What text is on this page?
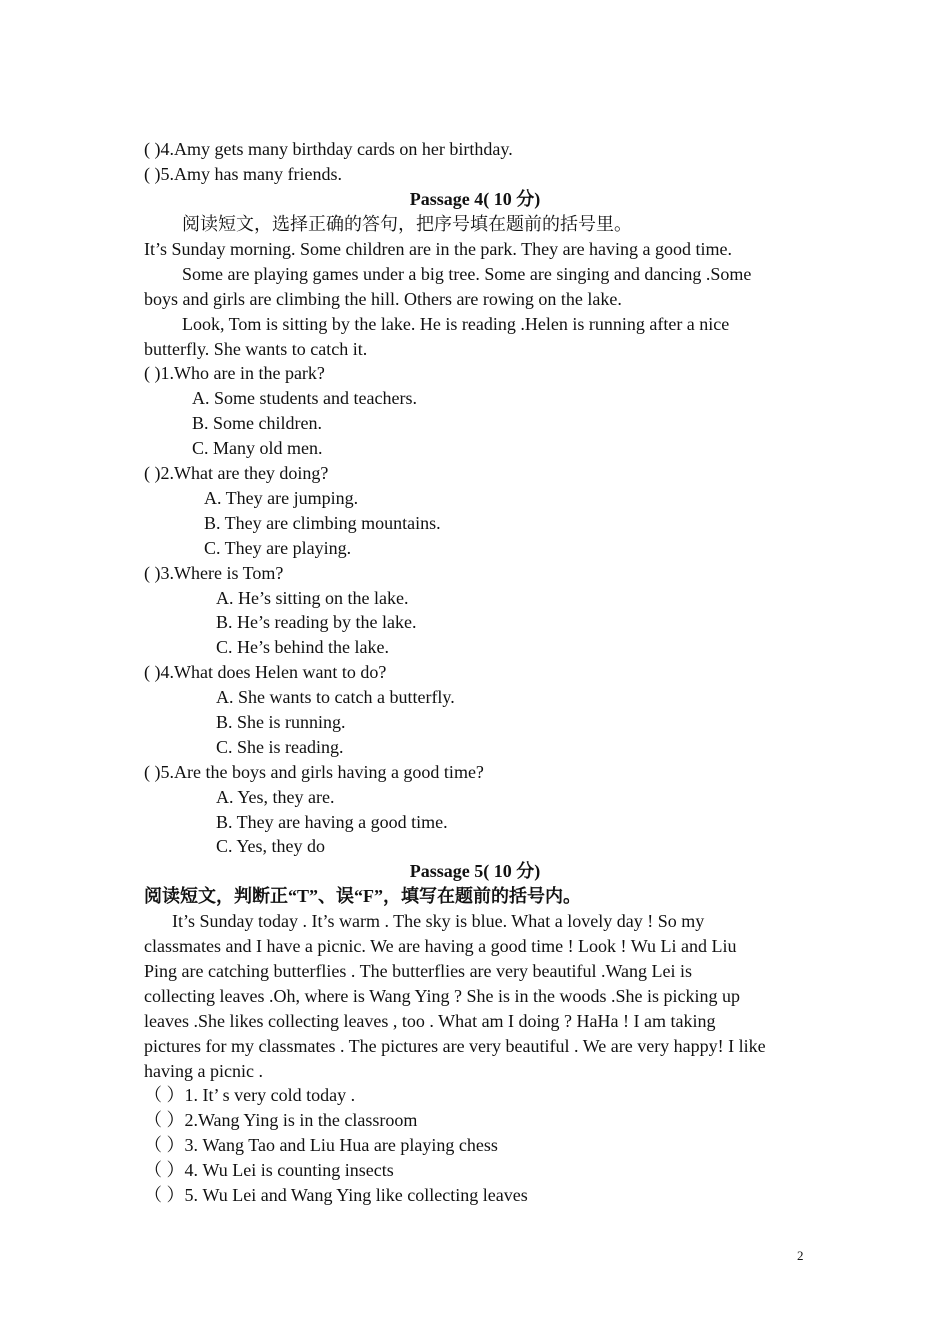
( )4.Amy gets many birthday cards on her birthday.
( )5.Amy has many friends.
Passage 4( 10 分)
阅读短文，选择正确的答句，把序号填在题前的括号里。
It’s Sunday morning. Some children are in the park. They are having a good time.
Some are playing games under a big tree. Some are singing and dancing .Some
boys and girls are climbing the hill. Others are rowing on the lake.
Look, Tom is sitting by the lake. He is reading .Helen is running after a nice
butterfly. She wants to catch it.
( )1.Who are in the park?
A. Some students and teachers.
B. Some children.
C. Many old men.
( )2.What are they doing?
A. They are jumping.
B. They are climbing mountains.
C. They are playing.
( )3.Where is Tom?
A. He’s sitting on the lake.
B. He’s reading by the lake.
C. He’s behind the lake.
( )4.What does Helen want to do?
A. She wants to catch a butterfly.
B. She is running.
C. She is reading.
( )5.Are the boys and girls having a good time?
A. Yes, they are.
B. They are having a good time.
C. Yes, they do
Passage 5( 10 分)
阅读短文，判断正“T”、误“F”，填写在题前的括号内。
It’s Sunday today . It’s warm . The sky is blue. What a lovely day ! So my
classmates and I have a picnic. We are having a good time ! Look ! Wu Li and Liu
Ping are catching butterflies . The butterflies are very beautiful .Wang Lei is
collecting leaves .Oh, where is Wang Ying ? She is in the woods .She is picking up
leaves .She likes collecting leaves , too . What am I doing ? HaHa ! I am taking
pictures for my classmates . The pictures are very beautiful . We are very happy! I like
having a picnic .
（ ）1. It’ s very cold today .
（ ）2.Wang Ying is in the classroom
（ ）3. Wang Tao and Liu Hua are playing chess
（ ）4. Wu Lei is counting insects
（ ）5. Wu Lei and Wang Ying like collecting leaves
2
